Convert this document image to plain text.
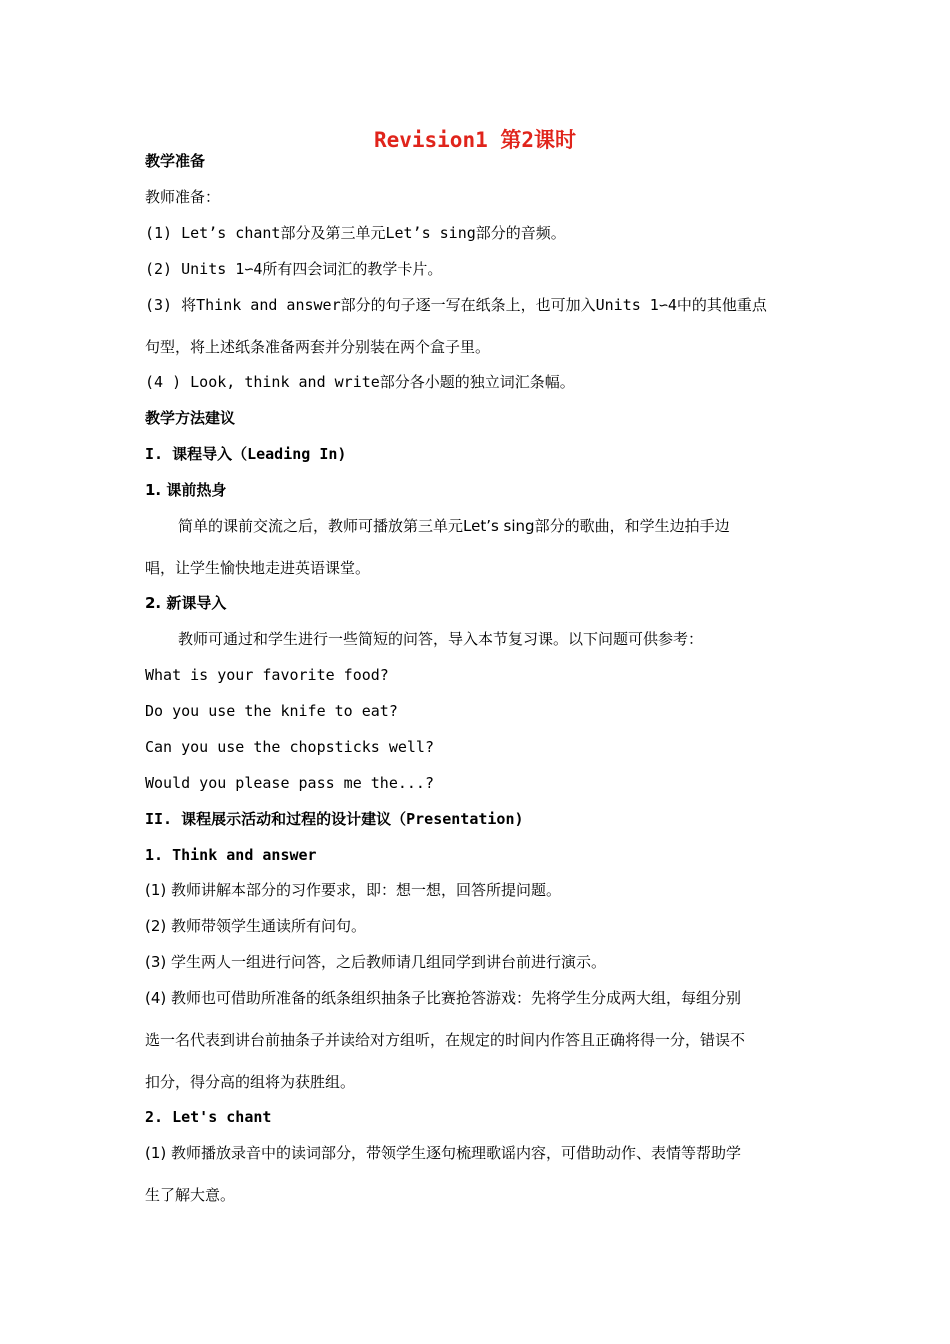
Revision1 第2课时
教学准备
教师准备：
(1) Let’s chant部分及第三单元Let’s sing部分的音频。
(2) Units 1∽4所有四会词汇的教学卡片。
(3) 将Think and answer部分的句子逐一写在纸条上，也可加入Units 1∽4中的其他重点
句型，将上述纸条准备两套并分别装在两个盒子里。
(4 ) Look, think and write部分各小题的独立词汇条幅。
教学方法建议
I. 课程导入（Leading In)
1. 课前热身
简单的课前交流之后，教师可播放第三单元Let’s sing部分的歌曲，和学生边拍手边
唱，让学生愉快地走进英语课堂。
2. 新课导入
教师可通过和学生进行一些简短的问答，导入本节复习课。以下问题可供参考：
What is your favorite food?
Do you use the knife to eat?
Can you use the chopsticks well?
Would you please pass me the...?
II. 课程展示活动和过程的设计建议（Presentation)
1. Think and answer
(1) 教师讲解本部分的习作要求，即：想一想，回答所提问题。
(2) 教师带领学生通读所有问句。
(3) 学生两人一组进行问答，之后教师请几组同学到讲台前进行演示。
(4) 教师也可借助所准备的纸条组织抽条子比赛抢答游戏：先将学生分成两大组，每组分别
选一名代表到讲台前抽条子并读给对方组听，在规定的时间内作答且正确将得一分，错误不
扣分，得分高的组将为获胜组。
2. Let's chant
(1) 教师播放录音中的读词部分，带领学生逐句梳理歌谣内容，可借助动作、表情等帮助学
生了解大意。
